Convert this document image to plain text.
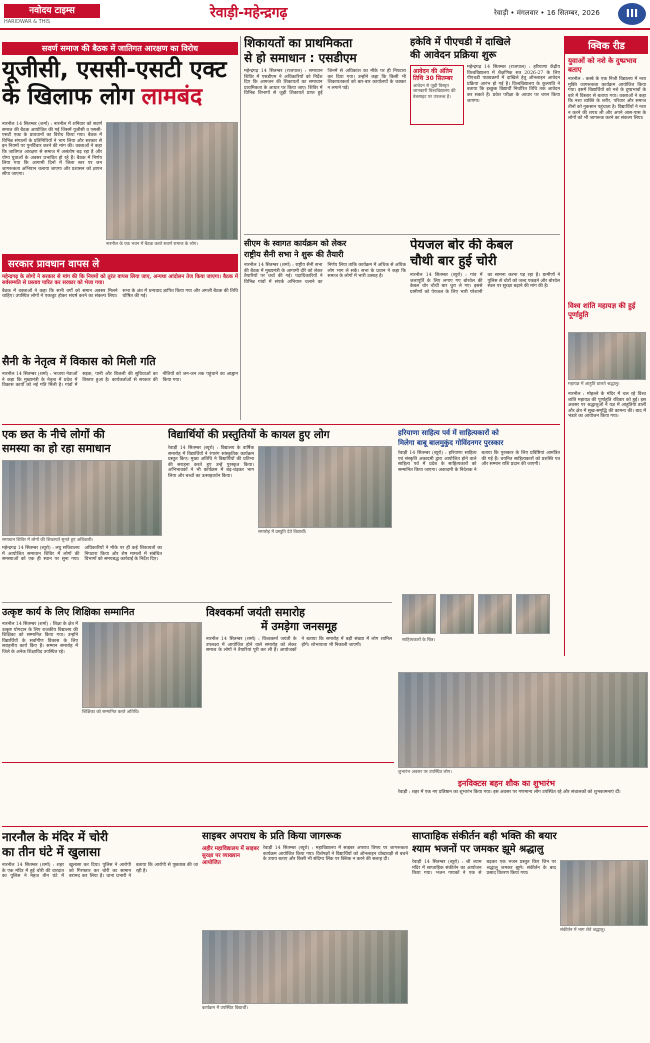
नवोदय टाइम्स
HARIDWAR & THIS
रेवाड़ी-महेन्द्रगढ़	रेवाड़ी • मंगलवार • 16 सितम्बर, 2026	III
सवर्ण समाज की बैठक में जातिगत आरक्षण का विरोध
यूजीसी, एससी-एसटी एक्ट
के खिलाफ लोग लामबंद
नारनौल 14 सितम्बर (शर्मा) : नारनौल में शनिवार को सवर्ण समाज की बैठक आयोजित की गई जिसमें यूजीसी व एससी-एसटी एक्ट के प्रावधानों का विरोध किया गया। बैठक में विभिन्न संगठनों के प्रतिनिधियों ने भाग लिया और सरकार से इन नियमों पर पुनर्विचार करने की मांग की। वक्ताओं ने कहा कि जातिगत आरक्षण से समाज में असंतोष बढ़ रहा है और योग्य युवाओं के अवसर प्रभावित हो रहे हैं। बैठक में निर्णय लिया गया कि आगामी दिनों में जिला स्तर पर जन जागरूकता अभियान चलाया जाएगा और प्रशासन को ज्ञापन सौंपा जाएगा।
नारनौल के एक भवन में बैठक करते सवर्ण समाज के लोग।
सरकार प्रावधान वापस ले
महेन्द्रगढ़ के लोगों ने सरकार से मांग की कि नियमों को तुरंत वापस लिया जाए, अन्यथा आंदोलन तेज किया जाएगा। बैठक में सर्वसम्मति से प्रस्ताव पारित कर सरकार को भेजा गया।
बैठक में वक्ताओं ने कहा कि सभी वर्गों को समान अवसर मिलने चाहिए। उपस्थित लोगों ने एकजुट होकर संघर्ष करने का संकल्प लिया। सभा के अंत में धन्यवाद ज्ञापित किया गया और अगली बैठक की तिथि घोषित की गई।
सैनी के नेतृत्व में विकास को मिली गति
नारनौल 14 सितम्बर (शर्मा) : भाजपा नेताओं ने कहा कि मुख्यमंत्री के नेतृत्व में प्रदेश में विकास कार्यों को नई गति मिली है। गांवों में सड़क, पानी और बिजली की सुविधाओं का विस्तार हुआ है। कार्यकर्ताओं से सरकार की नीतियों को जन-जन तक पहुंचाने का आह्वान किया गया।
शिकायतों का प्राथमिकता
से हो समाधान : एसडीएम
महेन्द्रगढ़ 14 सितम्बर (राजपाल) : समाधान शिविर में एसडीएम ने अधिकारियों को निर्देश दिए कि आमजन की शिकायतों का समाधान प्राथमिकता के आधार पर किया जाए। शिविर में विभिन्न विभागों से जुड़ी शिकायतें प्राप्त हुईं जिनमें से अधिकांश का मौके पर ही निपटारा कर दिया गया। उन्होंने कहा कि किसी भी शिकायतकर्ता को बार-बार कार्यालयों के चक्कर न लगाने पड़ें।
हकेवि में पीएचडी में दाखिले
की आवेदन प्रक्रिया शुरू
आवेदन की अंतिम तिथि 30 सितम्बर
आवेदन से जुड़ी विस्तृत जानकारी विश्वविद्यालय की वेबसाइट पर उपलब्ध है।
महेन्द्रगढ़ 14 सितम्बर (राजपाल) : हरियाणा केंद्रीय विश्वविद्यालय में शैक्षणिक सत्र 2026-27 के लिए पीएचडी पाठ्यक्रमों में दाखिले हेतु ऑनलाइन आवेदन प्रक्रिया आरंभ हो गई है। विश्वविद्यालय के कुलपति ने बताया कि इच्छुक विद्यार्थी निर्धारित तिथि तक आवेदन कर सकते हैं। प्रवेश परीक्षा के आधार पर चयन किया जाएगा।
क्विक रीड
युवाओं को नशे के दुष्प्रभाव बताए
नारनौल : कस्बे के एक निजी विद्यालय में नशा मुक्ति जागरूकता कार्यक्रम आयोजित किया गया। इसमें विद्यार्थियों को नशे के दुष्प्रभावों के बारे में विस्तार से बताया गया। वक्ताओं ने कहा कि नशा व्यक्ति के शरीर, परिवार और समाज तीनों को नुकसान पहुंचाता है। विद्यार्थियों ने नशा न करने की शपथ ली और अपने आस-पास के लोगों को भी जागरूक करने का संकल्प लिया।
विश्व शांति महायज्ञ की हुई पूर्णाहुति
महायज्ञ में आहुति डालते श्रद्धालु।
नारनौल : मोहल्ले के मंदिर में चल रहे विश्व शांति महायज्ञ की पूर्णाहुति रविवार को हुई। इस अवसर पर श्रद्धालुओं ने यज्ञ में आहुतियां डालीं और क्षेत्र में सुख-समृद्धि की कामना की। बाद में भंडारे का आयोजन किया गया।
सीएम के स्वागत कार्यक्रम को लेकर
राष्ट्रीय सैनी सभा ने शुरू की तैयारी
नारनौल 14 सितम्बर (शर्मा) : राष्ट्रीय सैनी सभा की बैठक में मुख्यमंत्री के आगामी दौरे को लेकर तैयारियों पर चर्चा की गई। पदाधिकारियों ने विभिन्न गांवों में संपर्क अभियान चलाने का निर्णय लिया ताकि कार्यक्रम में अधिक से अधिक लोग भाग ले सकें। सभा के प्रधान ने कहा कि समाज के लोगों में भारी उत्साह है।
पेयजल बोर की केबल
चौथी बार हुई चोरी
नारनौल 14 सितम्बर (ब्यूरो) : गांव में जलापूर्ति के लिए लगाए गए बोरवेल की केबल चोर चौथी बार चुरा ले गए। इससे ग्रामीणों को पेयजल के लिए भारी परेशानी का सामना करना पड़ रहा है। ग्रामीणों ने पुलिस से चोरों को जल्द पकड़ने और बोरवेल स्थल पर सुरक्षा बढ़ाने की मांग की है।
एक छत के नीचे लोगों की
समस्या का हो रहा समाधान
समाधान शिविर में लोगों की शिकायतें सुनते हुए अधिकारी।
महेन्द्रगढ़ 14 सितम्बर (ब्यूरो) : लघु सचिवालय में आयोजित समाधान शिविर में लोगों की समस्याओं को एक ही स्थान पर सुना गया। अधिकारियों ने मौके पर ही कई शिकायतों का निपटारा किया और शेष मामलों में संबंधित विभागों को समयबद्ध कार्रवाई के निर्देश दिए।
विद्यार्थियों की प्रस्तुतियों के कायल हुए लोग
रेवाड़ी 14 सितम्बर (ब्यूरो) : विद्यालय के वार्षिक समारोह में विद्यार्थियों ने रंगारंग सांस्कृतिक कार्यक्रम प्रस्तुत किए। मुख्य अतिथि ने विद्यार्थियों की प्रतिभा की सराहना करते हुए उन्हें पुरस्कृत किया। अभिभावकों ने भी कार्यक्रम में बढ़-चढ़कर भाग लिया और बच्चों का उत्साहवर्धन किया।
समारोह में प्रस्तुति देते विद्यार्थी।
हरियाणा साहित्य पर्व में साहित्यकारों को
मिलेगा बाबू बालमुकुंद गोविंदनगर पुरस्कार
रेवाड़ी 14 सितम्बर (ब्यूरो) : हरियाणा साहित्य एवं संस्कृति अकादमी द्वारा आयोजित होने वाले साहित्य पर्व में प्रदेश के साहित्यकारों को सम्मानित किया जाएगा। अकादमी के निदेशक ने बताया कि पुरस्कार के लिए प्रविष्टियां आमंत्रित की गई हैं। चयनित साहित्यकारों को प्रशस्ति पत्र और सम्मान राशि प्रदान की जाएगी।
साहित्यकारों के चित्र।
उत्कृष्ट कार्य के लिए शिक्षिका सम्मानित
नारनौल 14 सितम्बर (शर्मा) : शिक्षा के क्षेत्र में उत्कृष्ट योगदान के लिए राजकीय विद्यालय की शिक्षिका को सम्मानित किया गया। उन्होंने विद्यार्थियों के सर्वांगीण विकास के लिए सराहनीय कार्य किए हैं। सम्मान समारोह में जिले के अनेक शिक्षाविद उपस्थित रहे।
शिक्षिका को सम्मानित करते अतिथि।
विश्वकर्मा जयंती समारोह
में उमड़ेगा जनसमूह
नारनौल 14 सितम्बर (शर्मा) : विश्वकर्मा जयंती के उपलक्ष्य में आयोजित होने वाले समारोह को लेकर समाज के लोगों ने तैयारियां पूरी कर ली हैं। आयोजकों ने बताया कि समारोह में बड़ी संख्या में लोग शामिल होंगे। शोभायात्रा भी निकाली जाएगी।
शुभारंभ अवसर पर उपस्थित लोग।
इनविक्टस बहन शौक का शुभारंभ
रेवाड़ी : शहर में एक नए प्रतिष्ठान का शुभारंभ किया गया। इस अवसर पर गणमान्य लोग उपस्थित रहे और संचालकों को शुभकामनाएं दीं।
नारनौल के मंदिर में चोरी
का तीन घंटे में खुलासा
नारनौल 14 सितम्बर (शर्मा) : शहर के एक मंदिर में हुई चोरी की वारदात का पुलिस ने महज तीन घंटे में खुलासा कर दिया। पुलिस ने आरोपी को गिरफ्तार कर चोरी का सामान बरामद कर लिया है। थाना प्रभारी ने बताया कि आरोपी से पूछताछ की जा रही है।
साइबर अपराध के प्रति किया जागरूक
अहीर महाविद्यालय में साइबर सुरक्षा पर व्याख्यान आयोजित
रेवाड़ी 14 सितम्बर (ब्यूरो) : महाविद्यालय में साइबर अपराध विषय पर जागरूकता कार्यक्रम आयोजित किया गया। विशेषज्ञों ने विद्यार्थियों को ऑनलाइन धोखाधड़ी से बचने के उपाय बताए और किसी भी संदिग्ध लिंक पर क्लिक न करने की सलाह दी।
कार्यक्रम में उपस्थित विद्यार्थी।
साप्ताहिक संकीर्तन बही भक्ति की बयार
श्याम भजनों पर जमकर झूमे श्रद्धालु
रेवाड़ी 14 सितम्बर (ब्यूरो) : श्री श्याम मंदिर में साप्ताहिक संकीर्तन का आयोजन किया गया। भजन गायकों ने एक से बढ़कर एक भजन प्रस्तुत किए जिन पर श्रद्धालु जमकर झूमे। संकीर्तन के बाद प्रसाद वितरण किया गया।
संकीर्तन में भाग लेते श्रद्धालु।
